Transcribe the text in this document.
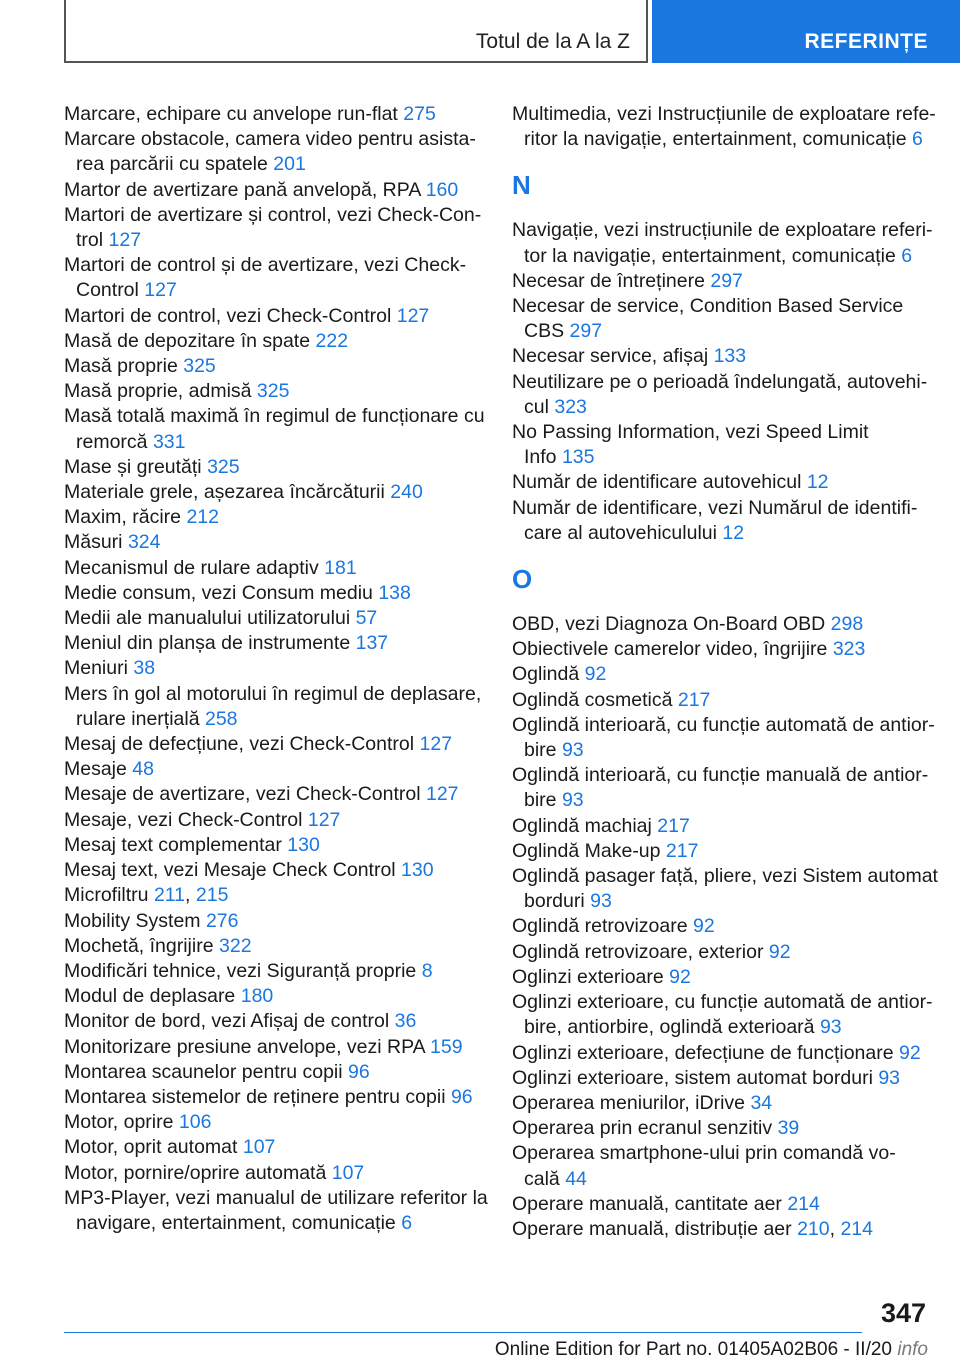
Totul de la A la Z	REFERINȚE
Marcare, echipare cu anvelope run-flat 275
Marcare obstacole, camera video pentru asista-
rea parcării cu spatele 201
Martor de avertizare pană anvelopă, RPA 160
Martori de avertizare și control, vezi Check-Con-
trol 127
Martori de control și de avertizare, vezi Check-
Control 127
Martori de control, vezi Check-Control 127
Masă de depozitare în spate 222
Masă proprie 325
Masă proprie, admisă 325
Masă totală maximă în regimul de funcționare cu
remorcă 331
Mase și greutăți 325
Materiale grele, așezarea încărcăturii 240
Maxim, răcire 212
Măsuri 324
Mecanismul de rulare adaptiv 181
Medie consum, vezi Consum mediu 138
Medii ale manualului utilizatorului 57
Meniul din planșa de instrumente 137
Meniuri 38
Mers în gol al motorului în regimul de deplasare,
rulare inerțială 258
Mesaj de defecțiune, vezi Check-Control 127
Mesaje 48
Mesaje de avertizare, vezi Check-Control 127
Mesaje, vezi Check-Control 127
Mesaj text complementar 130
Mesaj text, vezi Mesaje Check Control 130
Microfiltru 211, 215
Mobility System 276
Mochetă, îngrijire 322
Modificări tehnice, vezi Siguranță proprie 8
Modul de deplasare 180
Monitor de bord, vezi Afișaj de control 36
Monitorizare presiune anvelope, vezi RPA 159
Montarea scaunelor pentru copii 96
Montarea sistemelor de reținere pentru copii 96
Motor, oprire 106
Motor, oprit automat 107
Motor, pornire/oprire automată 107
MP3-Player, vezi manualul de utilizare referitor la
navigare, entertainment, comunicație 6
Multimedia, vezi Instrucțiunile de exploatare refe-
ritor la navigație, entertainment, comunicație 6
N
Navigație, vezi instrucțiunile de exploatare referi-
tor la navigație, entertainment, comunicație 6
Necesar de întreținere 297
Necesar de service, Condition Based Service
CBS 297
Necesar service, afișaj 133
Neutilizare pe o perioadă îndelungată, autovehi-
cul 323
No Passing Information, vezi Speed Limit
Info 135
Număr de identificare autovehicul 12
Număr de identificare, vezi Numărul de identifi-
care al autovehiculului 12
O
OBD, vezi Diagnoza On-Board OBD 298
Obiectivele camerelor video, îngrijire 323
Oglindă 92
Oglindă cosmetică 217
Oglindă interioară, cu funcție automată de antior-
bire 93
Oglindă interioară, cu funcție manuală de antior-
bire 93
Oglindă machiaj 217
Oglindă Make-up 217
Oglindă pasager față, pliere, vezi Sistem automat
borduri 93
Oglindă retrovizoare 92
Oglindă retrovizoare, exterior 92
Oglinzi exterioare 92
Oglinzi exterioare, cu funcție automată de antior-
bire, antiorbire, oglindă exterioară 93
Oglinzi exterioare, defecțiune de funcționare 92
Oglinzi exterioare, sistem automat borduri 93
Operarea meniurilor, iDrive 34
Operarea prin ecranul senzitiv 39
Operarea smartphone-ului prin comandă vo-
cală 44
Operare manuală, cantitate aer 214
Operare manuală, distribuție aer 210, 214
347
Online Edition for Part no. 01405A02B06 - II/20 info
